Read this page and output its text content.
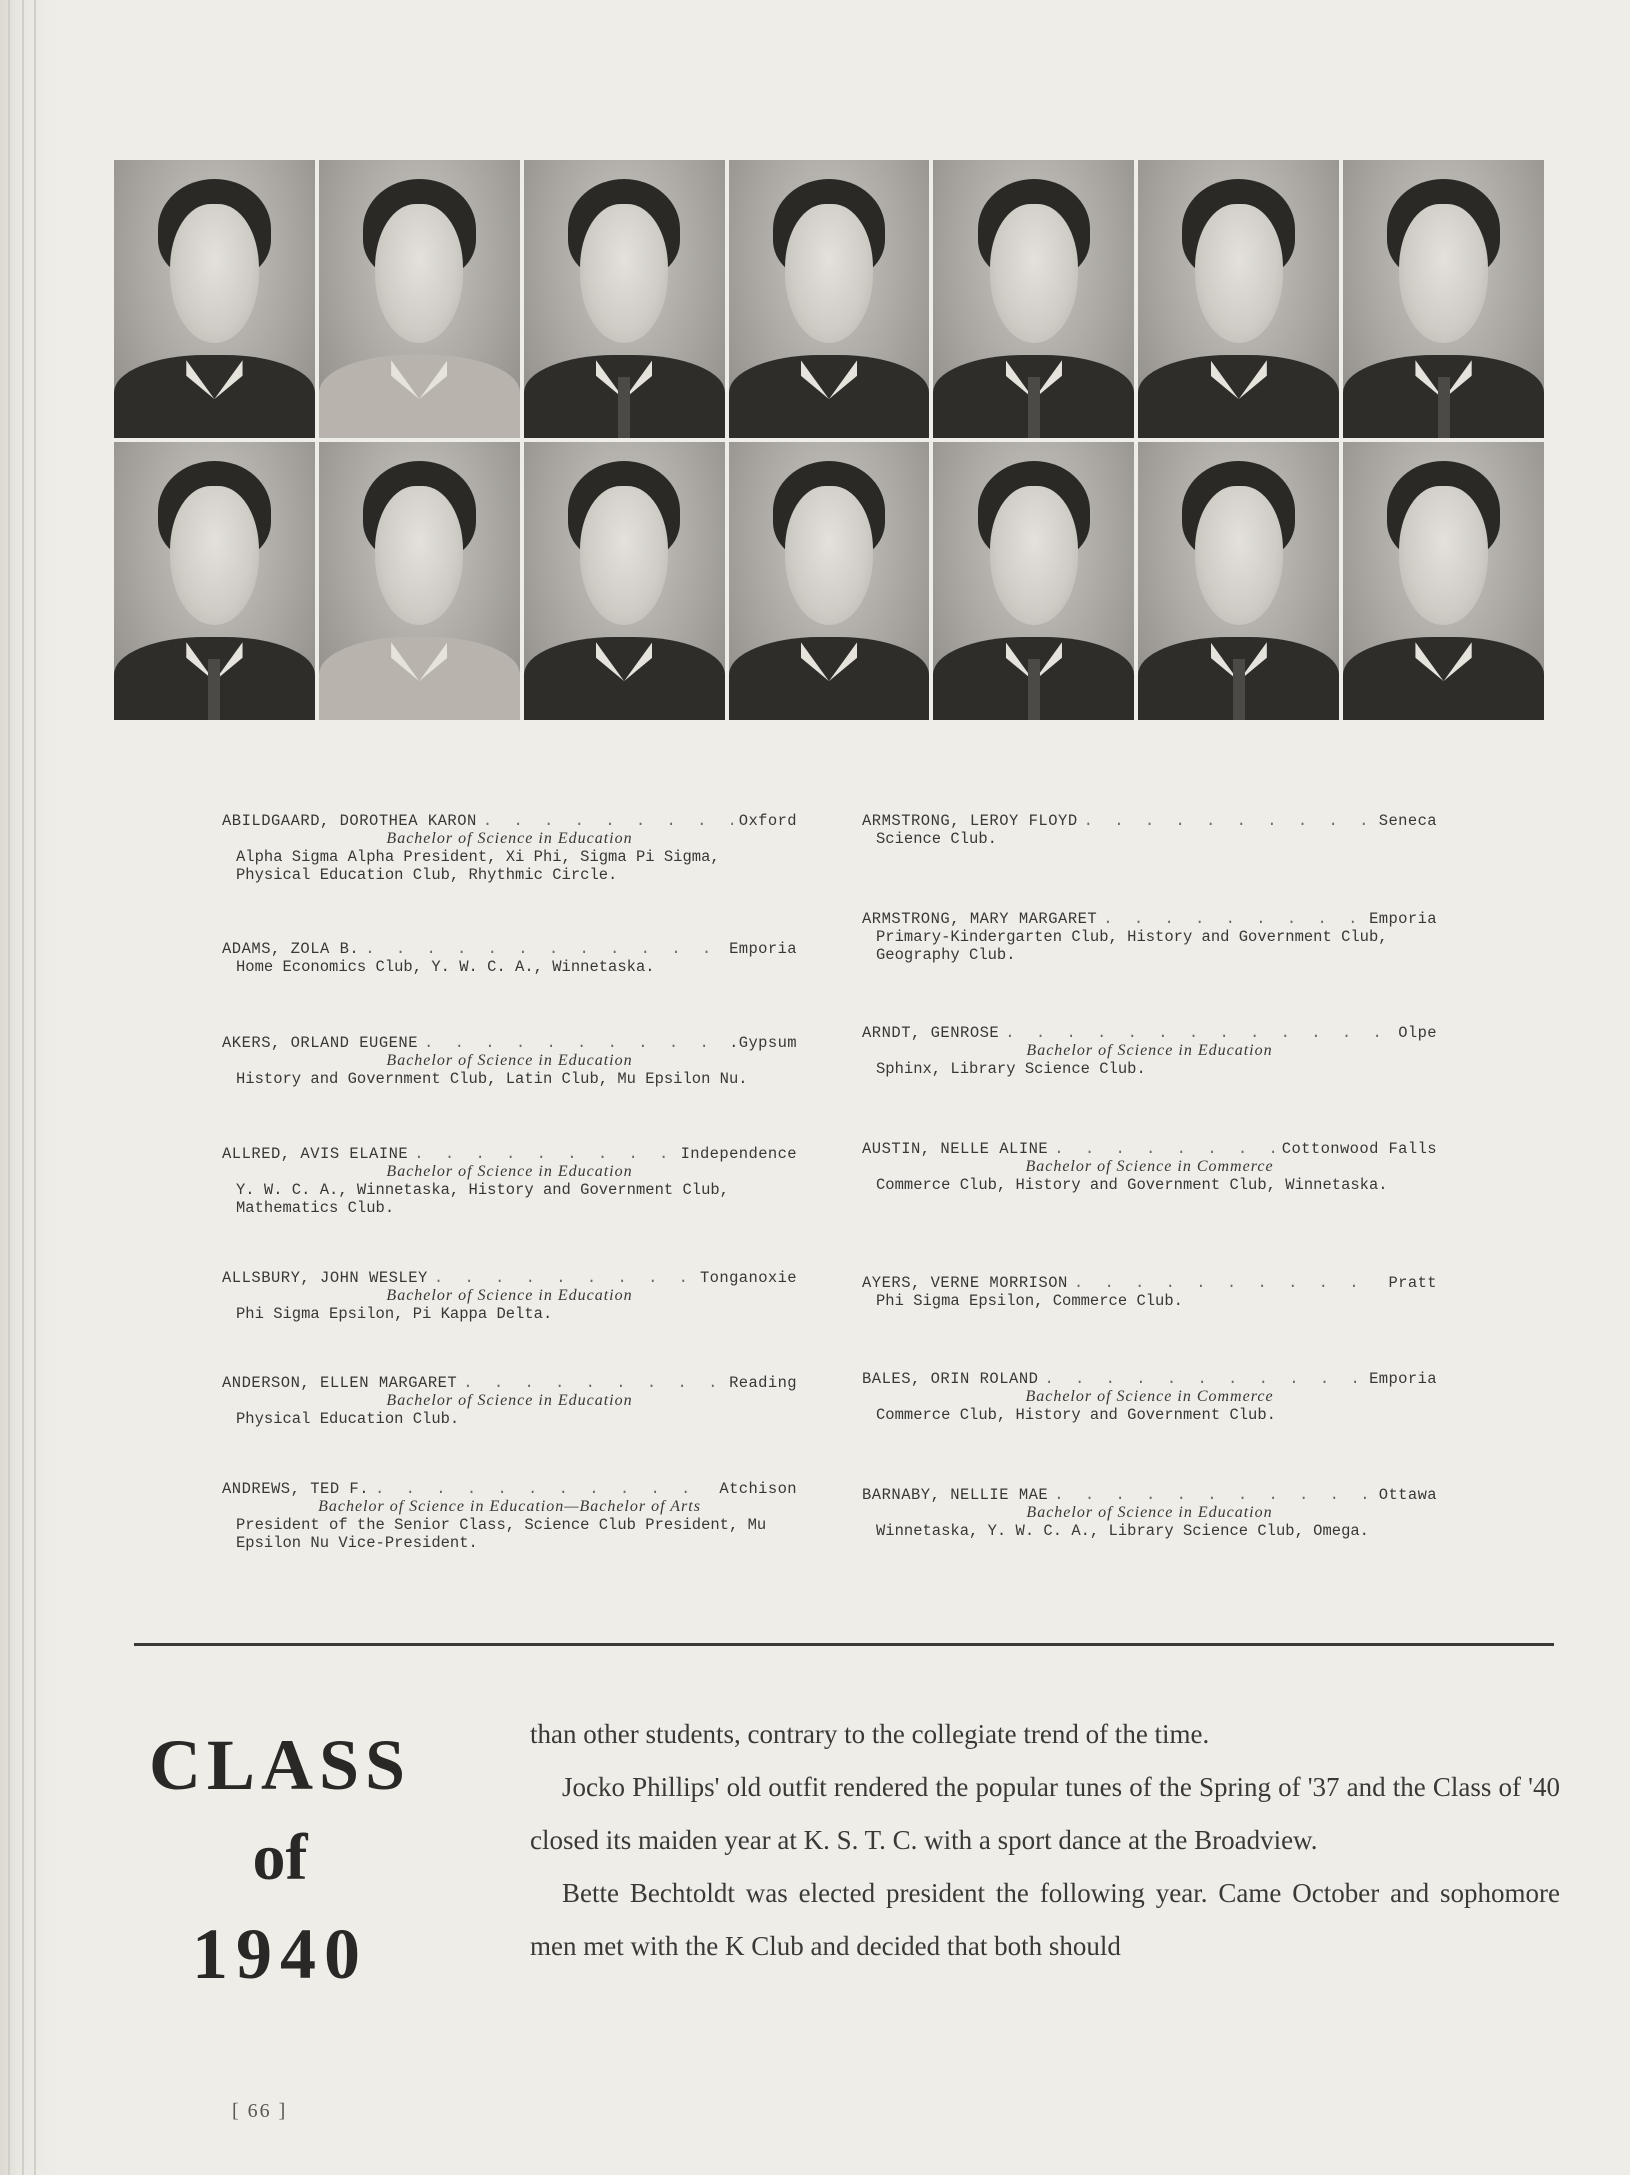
ABILDGAARD, DOROTHEA KARON . . .	Oxford

Bachelor of Science in Education

Alpha Sigma Alpha President, Xi Phi, Sigma Pi Sigma, Physical Education Club, Rhythmic Circle.

ADAMS, ZOLA B. . . .	Emporia

Home Economics Club, Y. W. C. A., Winnetaska.

AKERS, ORLAND EUGENE . . .	.Gypsum

Bachelor of Science in Education

History and Government Club, Latin Club, Mu Epsilon Nu.

ALLRED, AVIS ELAINE . . .	Independence

Bachelor of Science in Education

Y. W. C. A., Winnetaska, History and Government Club, Mathematics Club.

ALLSBURY, JOHN WESLEY . . .	Tonganoxie

Bachelor of Science in Education

Phi Sigma Epsilon, Pi Kappa Delta.

ANDERSON, ELLEN MARGARET . . .	Reading

Bachelor of Science in Education

Physical Education Club.

ANDREWS, TED F. . . .	Atchison

Bachelor of Science in Education—Bachelor of Arts

President of the Senior Class, Science Club President, Mu Epsilon Nu Vice-President.

ARMSTRONG, LEROY FLOYD . . .	Seneca

Science Club.

ARMSTRONG, MARY MARGARET . . .	Emporia

Primary-Kindergarten Club, History and Government Club, Geography Club.

ARNDT, GENROSE . . .	Olpe

Bachelor of Science in Education

Sphinx, Library Science Club.

AUSTIN, NELLE ALINE . . .	Cottonwood Falls

Bachelor of Science in Commerce

Commerce Club, History and Government Club, Winnetaska.

AYERS, VERNE MORRISON . . .	Pratt

Phi Sigma Epsilon, Commerce Club.

BALES, ORIN ROLAND . . .	Emporia

Bachelor of Science in Commerce

Commerce Club, History and Government Club.

BARNABY, NELLIE MAE . . .	Ottawa

Bachelor of Science in Education

Winnetaska, Y. W. C. A., Library Science Club, Omega.

CLASS
of
1940

than other students, contrary to the collegiate trend of the time.

Jocko Phillips' old outfit rendered the popular tunes of the Spring of '37 and the Class of '40 closed its maiden year at K. S. T. C. with a sport dance at the Broadview.

Bette Bechtoldt was elected president the following year. Came October and sophomore men met with the K Club and decided that both should

[ 66 ]
